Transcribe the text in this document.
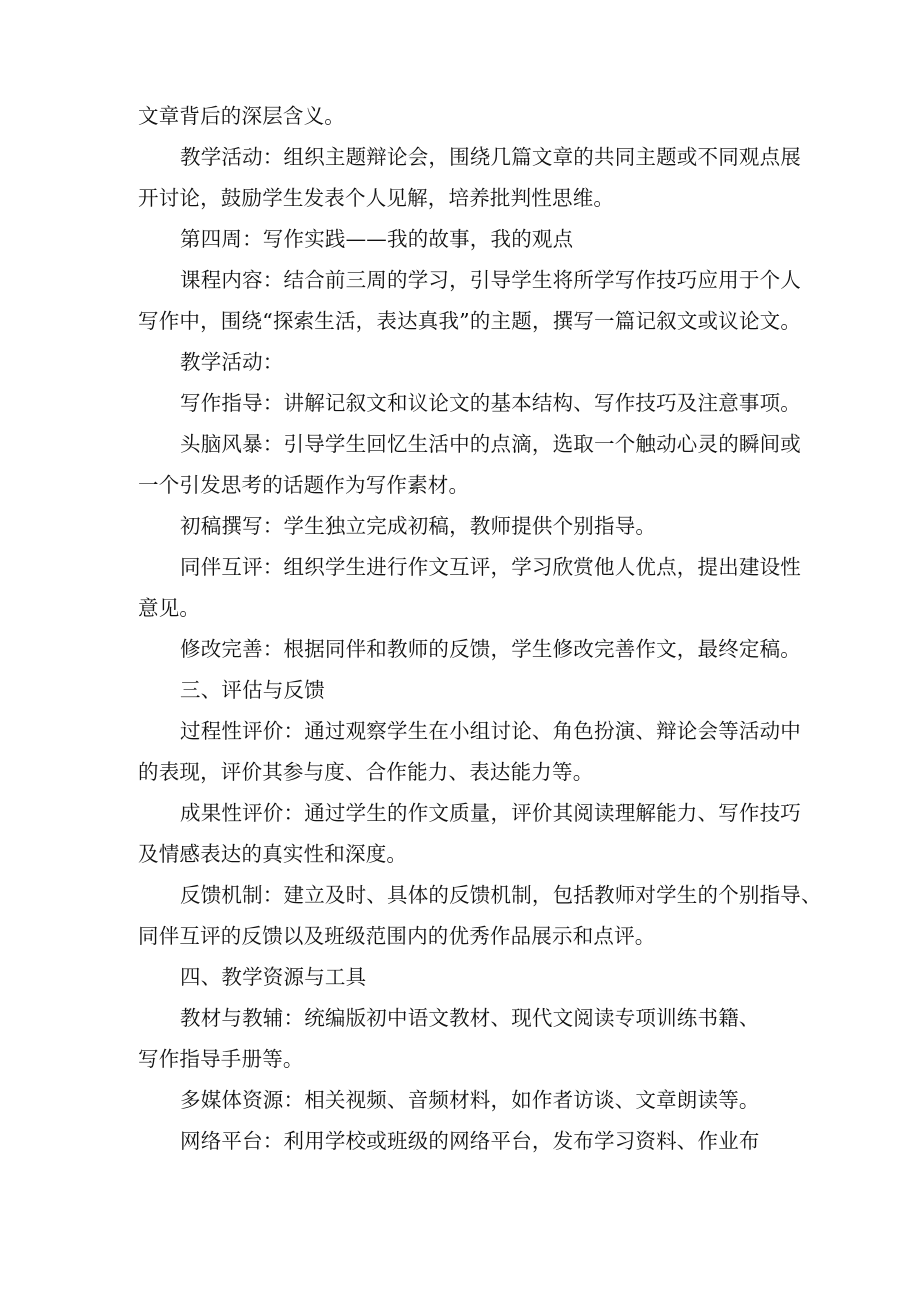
文章背后的深层含义。
教学活动：组织主题辩论会，围绕几篇文章的共同主题或不同观点展
开讨论，鼓励学生发表个人见解，培养批判性思维。
第四周：写作实践——我的故事，我的观点
课程内容：结合前三周的学习，引导学生将所学写作技巧应用于个人
写作中，围绕“探索生活，表达真我”的主题，撰写一篇记叙文或议论文。
教学活动：
写作指导：讲解记叙文和议论文的基本结构、写作技巧及注意事项。
头脑风暴：引导学生回忆生活中的点滴，选取一个触动心灵的瞬间或
一个引发思考的话题作为写作素材。
初稿撰写：学生独立完成初稿，教师提供个别指导。
同伴互评：组织学生进行作文互评，学习欣赏他人优点，提出建设性
意见。
修改完善：根据同伴和教师的反馈，学生修改完善作文，最终定稿。
三、评估与反馈
过程性评价：通过观察学生在小组讨论、角色扮演、辩论会等活动中
的表现，评价其参与度、合作能力、表达能力等。
成果性评价：通过学生的作文质量，评价其阅读理解能力、写作技巧
及情感表达的真实性和深度。
反馈机制：建立及时、具体的反馈机制，包括教师对学生的个别指导、
同伴互评的反馈以及班级范围内的优秀作品展示和点评。
四、教学资源与工具
教材与教辅：统编版初中语文教材、现代文阅读专项训练书籍、
写作指导手册等。
多媒体资源：相关视频、音频材料，如作者访谈、文章朗读等。
网络平台：利用学校或班级的网络平台，发布学习资料、作业布
